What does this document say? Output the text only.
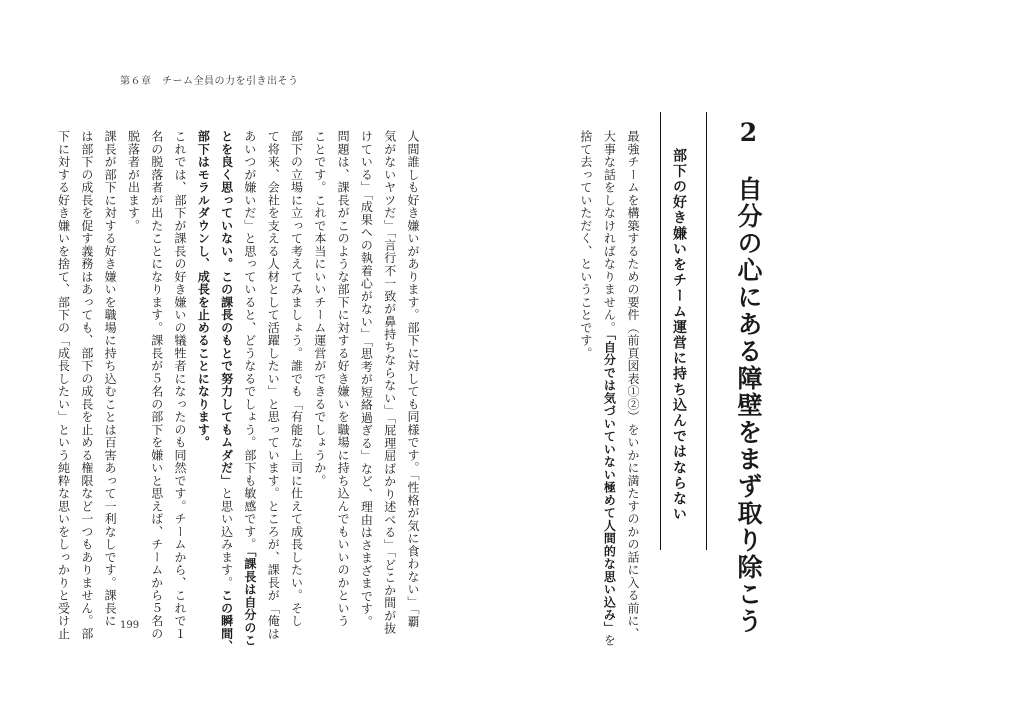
第６章　チーム全員の力を引き出そう
2　自分の心にある障壁をまず取り除こう
部下の好き嫌いをチーム運営に持ち込んではならない
最強チームを構築するための要件（前頁図表①②）をいかに満たすのかの話に入る前に、
大事な話をしなければなりません。「自分では気づいていない極めて人間的な思い込み」を
捨て去っていただく、ということです。
人間誰しも好き嫌いがあります。部下に対しても同様です。「性格が気に食わない」「覇
気がないヤツだ」「言行不一致が鼻持ちならない」「屁理屈ばかり述べる」「どこか間が抜
けている」「成果への執着心がない」「思考が短絡過ぎる」など、理由はさまざまです。
問題は、課長がこのような部下に対する好き嫌いを職場に持ち込んでもいいのかという
ことです。これで本当にいいチーム運営ができるでしょうか。
部下の立場に立って考えてみましょう。誰でも「有能な上司に仕えて成長したい。そし
て将来、会社を支える人材として活躍したい」と思っています。ところが、課長が「俺は
あいつが嫌いだ」と思っていると、どうなるでしょう。部下も敏感です。「課長は自分のこ
とを良く思っていない。この課長のもとで努力してもムダだ」と思い込みます。この瞬間、
部下はモラルダウンし、成長を止めることになります。
これでは、部下が課長の好き嫌いの犠牲者になったのも同然です。チームから、これで１
名の脱落者が出たことになります。課長が５名の部下を嫌いと思えば、チームから５名の
脱落者が出ます。
課長が部下に対する好き嫌いを職場に持ち込むことは百害あって一利なしです。課長に
は部下の成長を促す義務はあっても、部下の成長を止める権限など一つもありません。部
下に対する好き嫌いを捨て、部下の「成長したい」という純粋な思いをしっかりと受け止	199
